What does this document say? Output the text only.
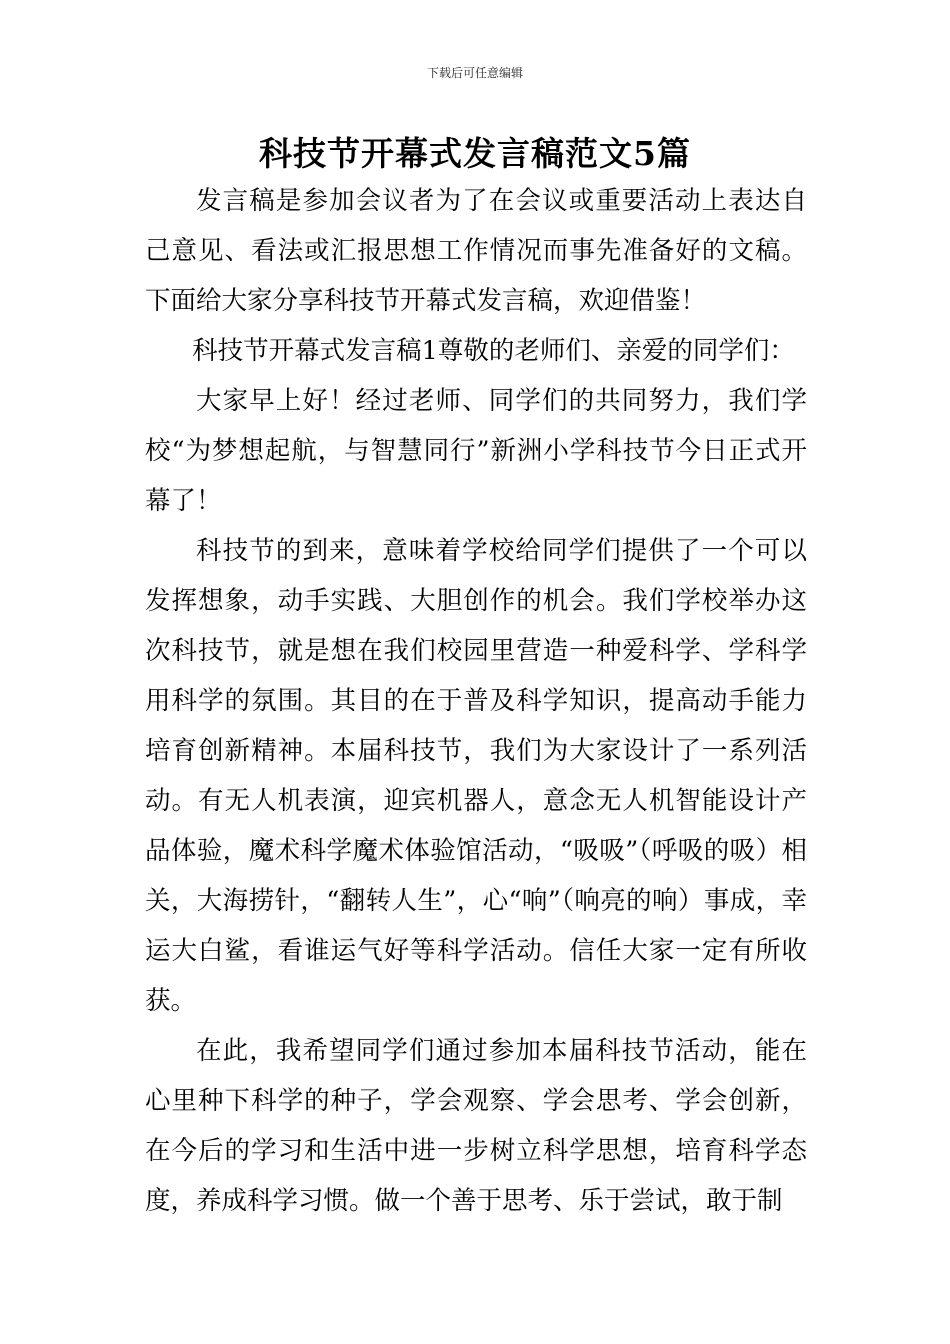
下载后可任意编辑
科技节开幕式发言稿范文5篇

发言稿是参加会议者为了在会议或重要活动上表达自己意见、看法或汇报思想工作情况而事先准备好的文稿。下面给大家分享科技节开幕式发言稿，欢迎借鉴！

科技节开幕式发言稿1尊敬的老师们、亲爱的同学们：

大家早上好！经过老师、同学们的共同努力，我们学校“为梦想起航，与智慧同行”新洲小学科技节今日正式开幕了！

科技节的到来，意味着学校给同学们提供了一个可以发挥想象，动手实践、大胆创作的机会。我们学校举办这次科技节，就是想在我们校园里营造一种爱科学、学科学用科学的氛围。其目的在于普及科学知识，提高动手能力培育创新精神。本届科技节，我们为大家设计了一系列活动。有无人机表演，迎宾机器人，意念无人机智能设计产品体验，魔术科学魔术体验馆活动，“吸吸”（呼吸的吸）相关，大海捞针，“翻转人生”，心“响”（响亮的响）事成，幸运大白鲨，看谁运气好等科学活动。信任大家一定有所收获。

在此，我希望同学们通过参加本届科技节活动，能在心里种下科学的种子，学会观察、学会思考、学会创新，在今后的学习和生活中进一步树立科学思想，培育科学态度，养成科学习惯。做一个善于思考、乐于尝试，敢于制
